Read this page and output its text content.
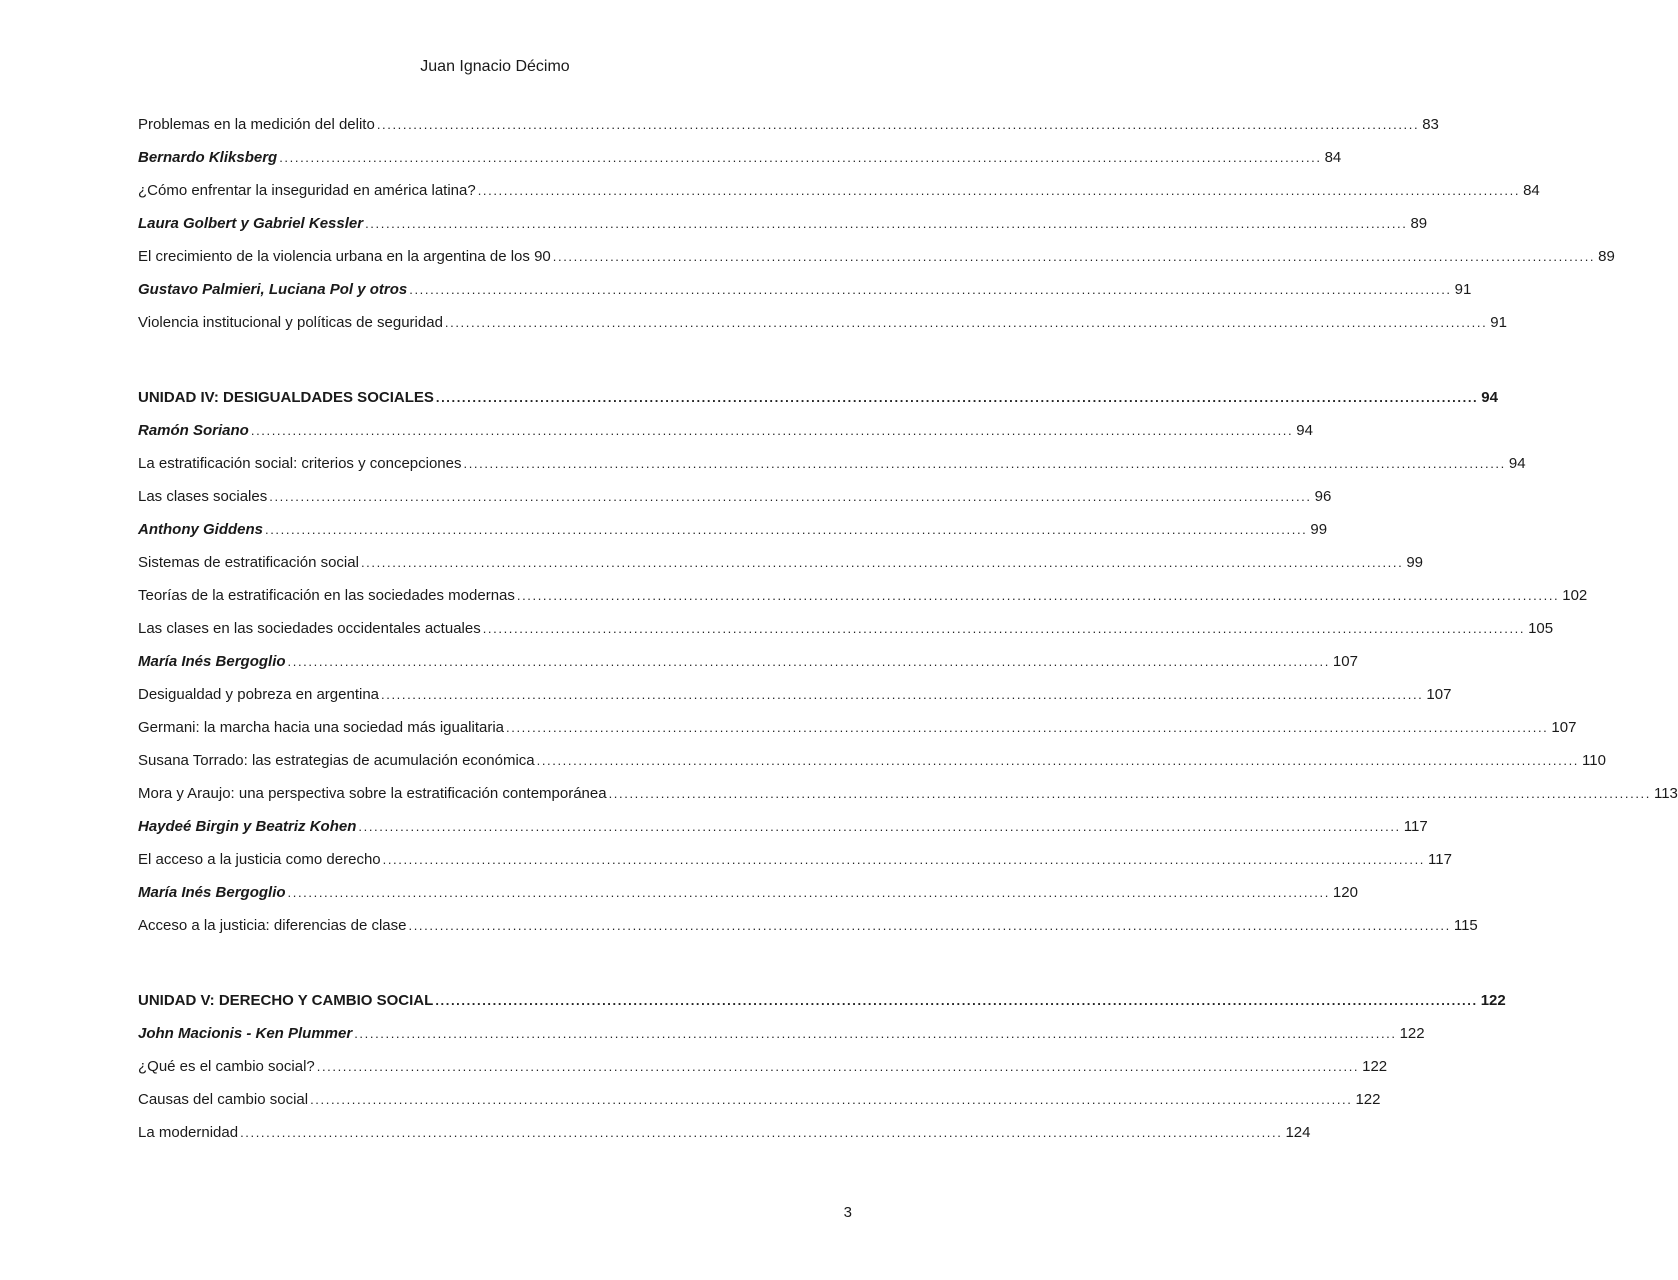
Juan Ignacio Décimo
Problemas en la medición del delito ........................................................................................................................................................................................................ 83
Bernardo Kliksberg ........................................................................................................................................................................................................ 84
¿Cómo enfrentar la inseguridad en américa latina? ........................................................................................................................................................................................................ 84
Laura Golbert y Gabriel Kessler ........................................................................................................................................................................................................ 89
El crecimiento de la violencia urbana en la argentina de los 90 ........................................................................................................................................................................................................ 89
Gustavo Palmieri, Luciana Pol y otros ........................................................................................................................................................................................................ 91
Violencia institucional y políticas de seguridad ........................................................................................................................................................................................................ 91
UNIDAD IV: DESIGUALDADES SOCIALES ........................................................................................................................................................................................................ 94
Ramón Soriano ........................................................................................................................................................................................................ 94
La estratificación social: criterios y concepciones ........................................................................................................................................................................................................ 94
Las clases sociales ........................................................................................................................................................................................................ 96
Anthony Giddens ........................................................................................................................................................................................................ 99
Sistemas de estratificación social ........................................................................................................................................................................................................ 99
Teorías de la estratificación en las sociedades modernas ........................................................................................................................................................................................................ 102
Las clases en las sociedades occidentales actuales ........................................................................................................................................................................................................ 105
María Inés Bergoglio ........................................................................................................................................................................................................ 107
Desigualdad y pobreza en argentina ........................................................................................................................................................................................................ 107
Germani: la marcha hacia una sociedad más igualitaria ........................................................................................................................................................................................................ 107
Susana Torrado: las estrategias de acumulación económica ........................................................................................................................................................................................................ 110
Mora y Araujo: una perspectiva sobre la estratificación contemporánea ........................................................................................................................................................................................................ 113
Haydeé Birgin y Beatriz Kohen ........................................................................................................................................................................................................ 117
El acceso a la justicia como derecho ........................................................................................................................................................................................................ 117
María Inés Bergoglio ........................................................................................................................................................................................................ 120
Acceso a la justicia: diferencias de clase ........................................................................................................................................................................................................ 115
UNIDAD V: DERECHO Y CAMBIO SOCIAL ........................................................................................................................................................................................................ 122
John Macionis - Ken Plummer ........................................................................................................................................................................................................ 122
¿Qué es el cambio social? ........................................................................................................................................................................................................ 122
Causas del cambio social ........................................................................................................................................................................................................ 122
La modernidad ........................................................................................................................................................................................................ 124
3
